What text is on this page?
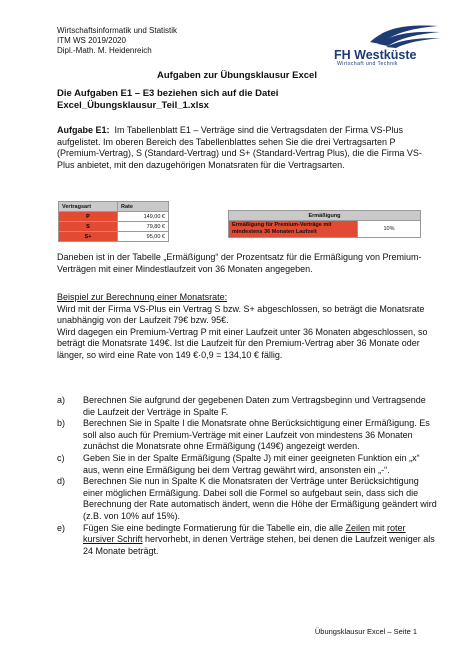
Wirtschaftsinformatik und Statistik
ITM WS 2019/2020
Dipl.-Math. M. Heidenreich	FH Westküste
Wirtschaft und Technik
Aufgaben zur Übungsklausur Excel
Die Aufgaben E1 – E3 beziehen sich auf die Datei
Excel_Übungsklausur_Teil_1.xlsx
Aufgabe E1: Im Tabellenblatt E1 – Verträge sind die Vertragsdaten der Firma VS-Plus aufgelistet. Im oberen Bereich des Tabellenblattes sehen Sie die drei Vertragsarten P (Premium-Vertrag), S (Standard-Vertrag) und S+ (Standard-Vertrag Plus), die die Firma VS-Plus anbietet, mit den dazugehörigen Monatsraten für die Vertragsarten.
Vertragsart	Rate
P	149,00 €
S	79,80 €
S+	95,00 €
Ermäßigung
Ermäßigung für Premium-Verträge mit mindestens 36 Monaten Laufzeit	10%
Daneben ist in der Tabelle „Ermäßigung“ der Prozentsatz für die Ermäßigung von Premium-Verträgen mit einer Mindestlaufzeit von 36 Monaten angegeben.
Beispiel zur Berechnung einer Monatsrate:
Wird mit der Firma VS-Plus ein Vertrag S bzw. S+ abgeschlossen, so beträgt die Monatsrate unabhängig von der Laufzeit 79€ bzw. 95€.
Wird dagegen ein Premium-Vertrag P mit einer Laufzeit unter 36 Monaten abgeschlossen, so beträgt die Monatsrate 149€. Ist die Laufzeit für den Premium-Vertrag aber 36 Monate oder länger, so wird eine Rate von 149 €·0,9 = 134,10 € fällig.
a) Berechnen Sie aufgrund der gegebenen Daten zum Vertragsbeginn und Vertragsende die Laufzeit der Verträge in Spalte F.
b) Berechnen Sie in Spalte I die Monatsrate ohne Berücksichtigung einer Ermäßigung. Es soll also auch für Premium-Verträge mit einer Laufzeit von mindestens 36 Monaten zunächst die Monatsrate ohne Ermäßigung (149€) angezeigt werden.
c) Geben Sie in der Spalte Ermäßigung (Spalte J) mit einer geeigneten Funktion ein „x“ aus, wenn eine Ermäßigung bei dem Vertrag gewährt wird, ansonsten ein „-“.
d) Berechnen Sie nun in Spalte K die Monatsraten der Verträge unter Berücksichtigung einer möglichen Ermäßigung. Dabei soll die Formel so aufgebaut sein, dass sich die Berechnung der Rate automatisch ändert, wenn die Höhe der Ermäßigung geändert wird (z.B. von 10% auf 15%).
e) Fügen Sie eine bedingte Formatierung für die Tabelle ein, die alle Zeilen mit roter kursiver Schrift hervorhebt, in denen Verträge stehen, bei denen die Laufzeit weniger als 24 Monate beträgt.
Übungsklausur Excel – Seite 1
